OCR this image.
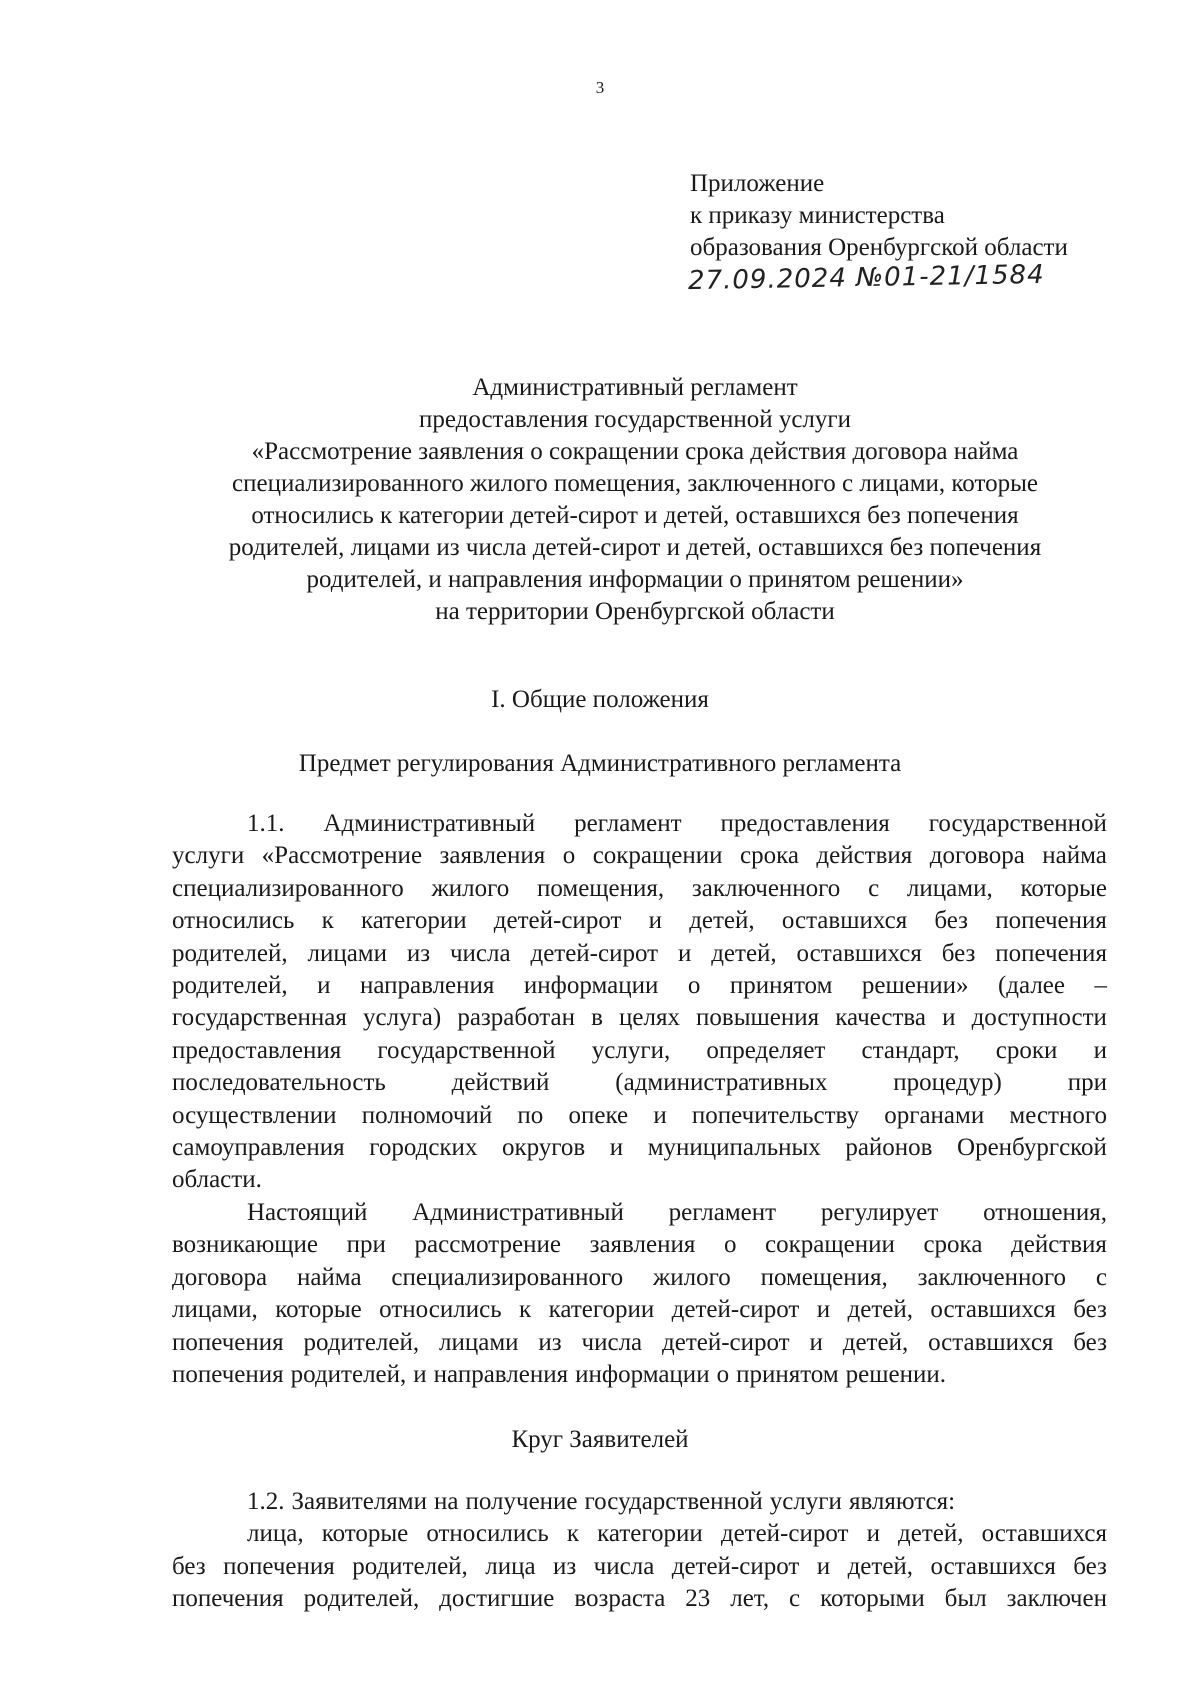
3
Приложение
к приказу министерства
образования Оренбургской области
27.09.2024 №01-21/1584
Административный регламент
предоставления государственной услуги
«Рассмотрение заявления о сокращении срока действия договора найма
специализированного жилого помещения, заключенного с лицами, которые
относились к категории детей-сирот и детей, оставшихся без попечения
родителей, лицами из числа детей-сирот и детей, оставшихся без попечения
родителей, и направления информации о принятом решении»
на территории Оренбургской области
I. Общие положения
Предмет регулирования Административного регламента
1.1. Административный регламент предоставления государственной
услуги «Рассмотрение заявления о сокращении срока действия договора найма
специализированного жилого помещения, заключенного с лицами, которые
относились к категории детей-сирот и детей, оставшихся без попечения
родителей, лицами из числа детей-сирот и детей, оставшихся без попечения
родителей, и направления информации о принятом решении» (далее –
государственная услуга) разработан в целях повышения качества и доступности
предоставления государственной услуги, определяет стандарт, сроки и
последовательность	действий	(административных	процедур)	при
осуществлении полномочий по опеке и попечительству органами местного
самоуправления городских округов и муниципальных районов Оренбургской
области.
Настоящий Административный регламент регулирует отношения,
возникающие при рассмотрение заявления о сокращении срока действия
договора найма специализированного жилого помещения, заключенного с
лицами, которые относились к категории детей-сирот и детей, оставшихся без
попечения родителей, лицами из числа детей-сирот и детей, оставшихся без
попечения родителей, и направления информации о принятом решении.
Круг Заявителей
1.2. Заявителями на получение государственной услуги являются:
лица, которые относились к категории детей-сирот и детей, оставшихся
без попечения родителей, лица из числа детей-сирот и детей, оставшихся без
попечения родителей, достигшие возраста 23 лет, с которыми был заключен
